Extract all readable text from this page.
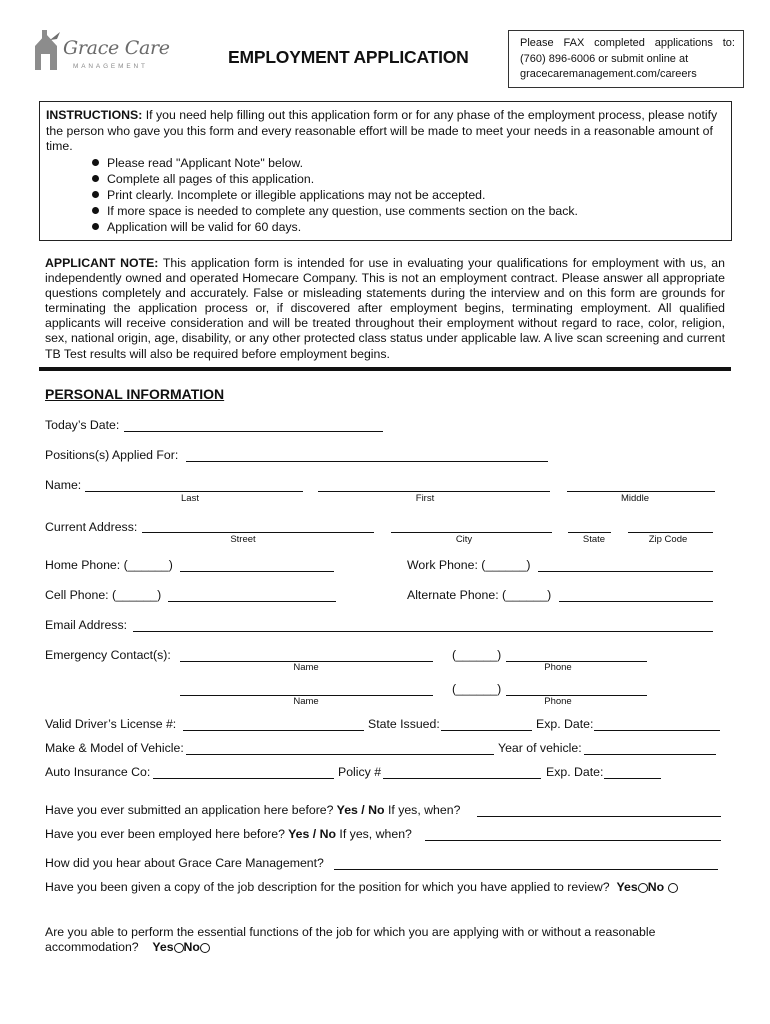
Grace Care
MANAGEMENT	EMPLOYMENT APPLICATION
Please FAX completed applications to:
(760) 896-6006 or submit online at
gracecaremanagement.com/careers
INSTRUCTIONS: If you need help filling out this application form or for any phase of the employment process, please notify the person who gave you this form and every reasonable effort will be made to meet your needs in a reasonable amount of time.
Please read "Applicant Note" below.
Complete all pages of this application.
Print clearly. Incomplete or illegible applications may not be accepted.
If more space is needed to complete any question, use comments section on the back.
Application will be valid for 60 days.
APPLICANT NOTE: This application form is intended for use in evaluating your qualifications for employment with us, an independently owned and operated Homecare Company. This is not an employment contract. Please answer all appropriate questions completely and accurately. False or misleading statements during the interview and on this form are grounds for terminating the application process or, if discovered after employment begins, terminating employment. All qualified applicants will receive consideration and will be treated throughout their employment without regard to race, color, religion, sex, national origin, age, disability, or any other protected class status under applicable law. A live scan screening and current TB Test results will also be required before employment begins.
PERSONAL INFORMATION
Today’s Date:
Positions(s) Applied For:
Name:
Last	First	Middle
Current Address:
Street	City	State	Zip Code
Home Phone: (______)	Work Phone: (______)
Cell Phone: (______)	Alternate Phone: (______)
Email Address:
Emergency Contact(s):	(______)
Name	Phone
(______)
Name	Phone
Valid Driver’s License #:	State Issued:	Exp. Date:
Make & Model of Vehicle:	Year of vehicle:
Auto Insurance Co:	Policy #	Exp. Date:
Have you ever submitted an application here before? Yes / No If yes, when?
Have you ever been employed here before? Yes / No If yes, when?
How did you hear about Grace Care Management?
Have you been given a copy of the job description for the position for which you have applied to review? Yes No
Are you able to perform the essential functions of the job for which you are applying with or without a reasonable
accommodation? Yes No
